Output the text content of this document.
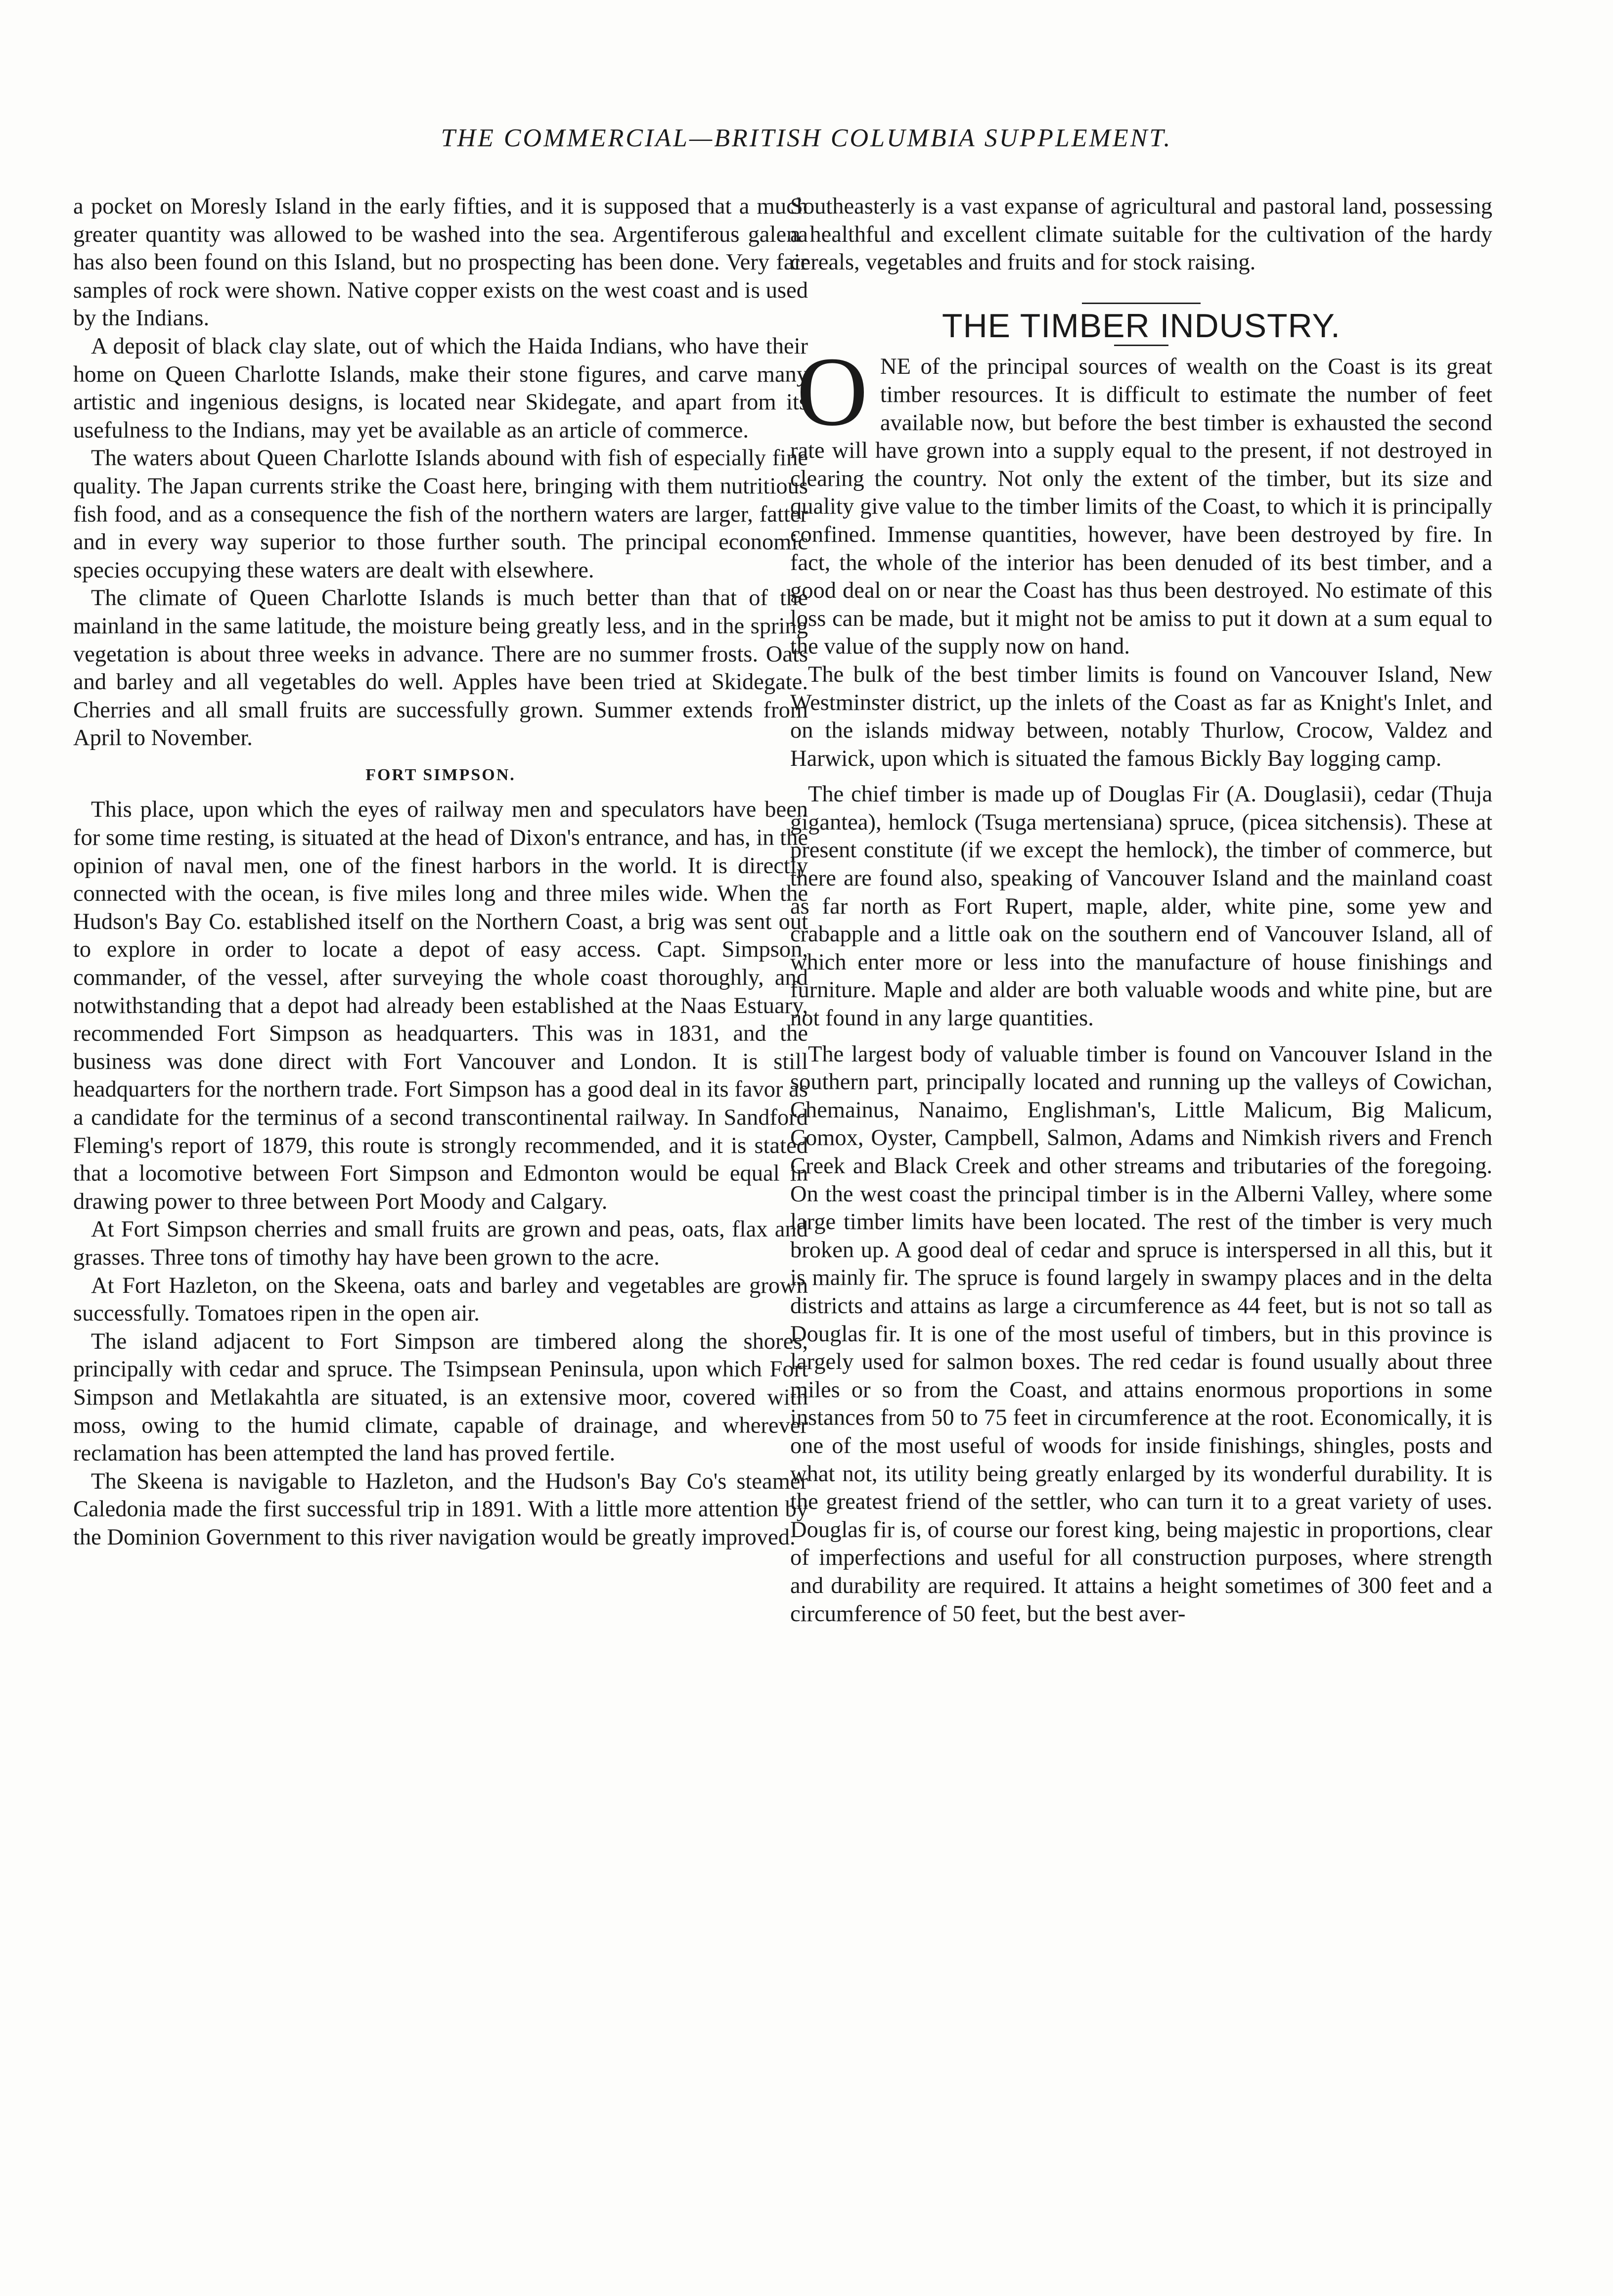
THE COMMERCIAL—BRITISH COLUMBIA SUPPLEMENT.

a pocket on Moresly Island in the early fifties, and it is supposed that a much greater quantity was allowed to be washed into the sea. Argentiferous galena has also been found on this Island, but no prospecting has been done. Very fair samples of rock were shown. Native copper exists on the west coast and is used by the Indians.

A deposit of black clay slate, out of which the Haida Indians, who have their home on Queen Charlotte Islands, make their stone figures, and carve many artistic and ingenious designs, is located near Skidegate, and apart from its usefulness to the Indians, may yet be available as an article of commerce.

The waters about Queen Charlotte Islands abound with fish of especially fine quality. The Japan currents strike the Coast here, bringing with them nutritious fish food, and as a consequence the fish of the northern waters are larger, fatter and in every way superior to those further south. The principal economic species occupying these waters are dealt with elsewhere.

The climate of Queen Charlotte Islands is much better than that of the mainland in the same latitude, the moisture being greatly less, and in the spring vegetation is about three weeks in advance. There are no summer frosts. Oats and barley and all vegetables do well. Apples have been tried at Skidegate. Cherries and all small fruits are successfully grown. Summer extends from April to November.

FORT SIMPSON.

This place, upon which the eyes of railway men and speculators have been for some time resting, is situated at the head of Dixon's entrance, and has, in the opinion of naval men, one of the finest harbors in the world. It is directly connected with the ocean, is five miles long and three miles wide. When the Hudson's Bay Co. established itself on the Northern Coast, a brig was sent out to explore in order to locate a depot of easy access. Capt. Simpson, commander, of the vessel, after surveying the whole coast thoroughly, and notwithstanding that a depot had already been established at the Naas Estuary, recommended Fort Simpson as headquarters. This was in 1831, and the business was done direct with Fort Vancouver and London. It is still headquarters for the northern trade. Fort Simpson has a good deal in its favor as a candidate for the terminus of a second transcontinental railway. In Sandford Fleming's report of 1879, this route is strongly recommended, and it is stated that a locomotive between Fort Simpson and Edmonton would be equal in drawing power to three between Port Moody and Calgary.

At Fort Simpson cherries and small fruits are grown and peas, oats, flax and grasses. Three tons of timothy hay have been grown to the acre.

At Fort Hazleton, on the Skeena, oats and barley and vegetables are grown successfully. Tomatoes ripen in the open air.

The island adjacent to Fort Simpson are timbered along the shores, principally with cedar and spruce. The Tsimpsean Peninsula, upon which Fort Simpson and Metlakahtla are situated, is an extensive moor, covered with moss, owing to the humid climate, capable of drainage, and wherever reclamation has been attempted the land has proved fertile.

The Skeena is navigable to Hazleton, and the Hudson's Bay Co's steamer Caledonia made the first successful trip in 1891. With a little more attention by the Dominion Government to this river navigation would be greatly improved.

Southeasterly is a vast expanse of agricultural and pastoral land, possessing a healthful and excellent climate suitable for the cultivation of the hardy cereals, vegetables and fruits and for stock raising.

THE TIMBER INDUSTRY.

ONE of the principal sources of wealth on the Coast is its great timber resources. It is difficult to estimate the number of feet available now, but before the best timber is exhausted the second rate will have grown into a supply equal to the present, if not destroyed in clearing the country. Not only the extent of the timber, but its size and quality give value to the timber limits of the Coast, to which it is principally confined. Immense quantities, however, have been destroyed by fire. In fact, the whole of the interior has been denuded of its best timber, and a good deal on or near the Coast has thus been destroyed. No estimate of this loss can be made, but it might not be amiss to put it down at a sum equal to the value of the supply now on hand.

The bulk of the best timber limits is found on Vancouver Island, New Westminster district, up the inlets of the Coast as far as Knight's Inlet, and on the islands midway between, notably Thurlow, Crocow, Valdez and Harwick, upon which is situated the famous Bickly Bay logging camp.

The chief timber is made up of Douglas Fir (A. Douglasii), cedar (Thuja gigantea), hemlock (Tsuga mertensiana) spruce, (picea sitchensis). These at present constitute (if we except the hemlock), the timber of commerce, but there are found also, speaking of Vancouver Island and the mainland coast as far north as Fort Rupert, maple, alder, white pine, some yew and crabapple and a little oak on the southern end of Vancouver Island, all of which enter more or less into the manufacture of house finishings and furniture. Maple and alder are both valuable woods and white pine, but are not found in any large quantities.

The largest body of valuable timber is found on Vancouver Island in the southern part, principally located and running up the valleys of Cowichan, Chemainus, Nanaimo, Englishman's, Little Malicum, Big Malicum, Comox, Oyster, Campbell, Salmon, Adams and Nimkish rivers and French Creek and Black Creek and other streams and tributaries of the foregoing. On the west coast the principal timber is in the Alberni Valley, where some large timber limits have been located. The rest of the timber is very much broken up. A good deal of cedar and spruce is interspersed in all this, but it is mainly fir. The spruce is found largely in swampy places and in the delta districts and attains as large a circumference as 44 feet, but is not so tall as Douglas fir. It is one of the most useful of timbers, but in this province is largely used for salmon boxes. The red cedar is found usually about three miles or so from the Coast, and attains enormous proportions in some instances from 50 to 75 feet in circumference at the root. Economically, it is one of the most useful of woods for inside finishings, shingles, posts and what not, its utility being greatly enlarged by its wonderful durability. It is the greatest friend of the settler, who can turn it to a great variety of uses. Douglas fir is, of course our forest king, being majestic in proportions, clear of imperfections and useful for all construction purposes, where strength and durability are required. It attains a height sometimes of 300 feet and a circumference of 50 feet, but the best aver-
